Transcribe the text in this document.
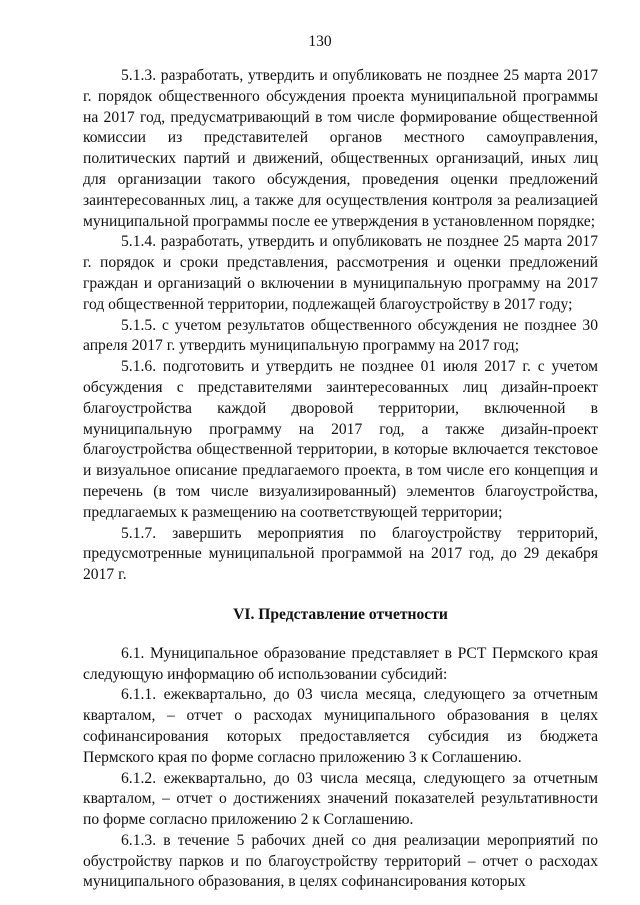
130

5.1.3. разработать, утвердить и опубликовать не позднее 25 марта 2017 г. порядок общественного обсуждения проекта муниципальной программы на 2017 год, предусматривающий в том числе формирование общественной комиссии из представителей органов местного самоуправления, политических партий и движений, общественных организаций, иных лиц для организации такого обсуждения, проведения оценки предложений заинтересованных лиц, а также для осуществления контроля за реализацией муниципальной программы после ее утверждения в установленном порядке;

5.1.4. разработать, утвердить и опубликовать не позднее 25 марта 2017 г. порядок и сроки представления, рассмотрения и оценки предложений граждан и организаций о включении в муниципальную программу на 2017 год общественной территории, подлежащей благоустройству в 2017 году;

5.1.5. с учетом результатов общественного обсуждения не позднее 30 апреля 2017 г. утвердить муниципальную программу на 2017 год;

5.1.6. подготовить и утвердить не позднее 01 июля 2017 г. с учетом обсуждения с представителями заинтересованных лиц дизайн-проект благоустройства каждой дворовой территории, включенной в муниципальную программу на 2017 год, а также дизайн-проект благоустройства общественной территории, в которые включается текстовое и визуальное описание предлагаемого проекта, в том числе его концепция и перечень (в том числе визуализированный) элементов благоустройства, предлагаемых к размещению на соответствующей территории;

5.1.7. завершить мероприятия по благоустройству территорий, предусмотренные муниципальной программой на 2017 год, до 29 декабря 2017 г.

VI. Представление отчетности

6.1. Муниципальное образование представляет в РСТ Пермского края следующую информацию об использовании субсидий:

6.1.1. ежеквартально, до 03 числа месяца, следующего за отчетным кварталом, – отчет о расходах муниципального образования в целях софинансирования которых предоставляется субсидия из бюджета Пермского края по форме согласно приложению 3 к Соглашению.

6.1.2. ежеквартально, до 03 числа месяца, следующего за отчетным кварталом, – отчет о достижениях значений показателей результативности по форме согласно приложению 2 к Соглашению.

6.1.3. в течение 5 рабочих дней со дня реализации мероприятий по обустройству парков и по благоустройству территорий – отчет о расходах муниципального образования, в целях софинансирования которых
